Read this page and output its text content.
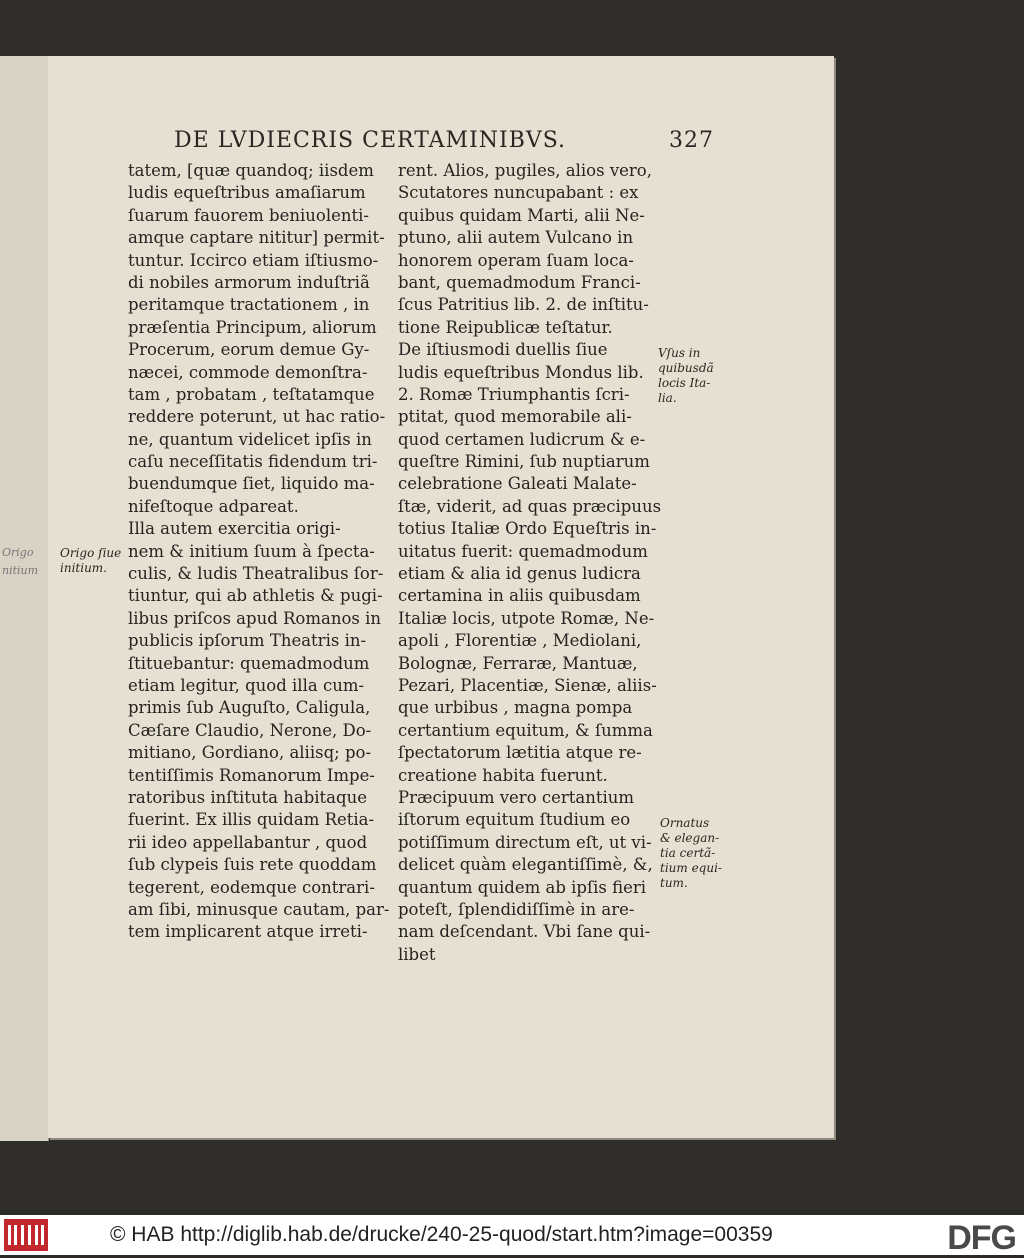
Origo
nitium
DE LVDIECRIS CERTAMINIBVS.	327
tatem, [quæ quandoq; iisdem
ludis equeſtribus amaſiarum
ſuarum fauorem beniuolenti-
amque captare nititur] permit-
tuntur. Iccirco etiam iſtiusmo-
di nobiles armorum induſtriã
peritamque tractationem , in
præſentia Principum, aliorum
Procerum, eorum demue Gy-
næcei, commode demonſtra-
tam , probatam , teſtatamque
reddere poterunt, ut hac ratio-
ne, quantum videlicet ipſis in
caſu neceſſitatis fidendum tri-
buendumque ſiet, liquido ma-
nifeſtoque adpareat.
Illa autem exercitia origi-
nem & initium ſuum à ſpecta-
culis, & ludis Theatralibus ſor-
tiuntur, qui ab athletis & pugi-
libus priſcos apud Romanos in
publicis ipſorum Theatris in-
ſtituebantur: quemadmodum
etiam legitur, quod illa cum-
primis ſub Auguſto, Caligula,
Cæſare Claudio, Nerone, Do-
mitiano, Gordiano, aliisq; po-
tentiſſimis Romanorum Impe-
ratoribus inſtituta habitaque
fuerint. Ex illis quidam Retia-
rii ideo appellabantur , quod
ſub clypeis ſuis rete quoddam
tegerent, eodemque contrari-
am ſibi, minusque cautam, par-
tem implicarent atque irreti-
rent. Alios, pugiles, alios vero,
Scutatores nuncupabant : ex
quibus quidam Marti, alii Ne-
ptuno, alii autem Vulcano in
honorem operam ſuam loca-
bant, quemadmodum Franci-
ſcus Patritius lib. 2. de inſtitu-
tione Reipublicæ teſtatur.
De iſtiusmodi duellis ſiue
ludis equeſtribus Mondus lib.
2. Romæ Triumphantis ſcri-
ptitat, quod memorabile ali-
quod certamen ludicrum & e-
queſtre Rimini, ſub nuptiarum
celebratione Galeati Malate-
ſtæ, viderit, ad quas præcipuus
totius Italiæ Ordo Equeſtris in-
uitatus fuerit: quemadmodum
etiam & alia id genus ludicra
certamina in aliis quibusdam
Italiæ locis, utpote Romæ, Ne-
apoli , Florentiæ , Mediolani,
Bolognæ, Ferraræ, Mantuæ,
Pezari, Placentiæ, Sienæ, aliis-
que urbibus , magna pompa
certantium equitum, & ſumma
ſpectatorum lætitia atque re-
creatione habita fuerunt.
Præcipuum vero certantium
iſtorum equitum ſtudium eo
potiſſimum directum eſt, ut vi-
delicet quàm elegantiſſimè, &,
quantum quidem ab ipſis fieri
poteſt, ſplendidiſſimè in are-
nam deſcendant. Vbi ſane qui-
libet
Origo ſiue
initium.
Vſus in
quibusdã
locis Ita-
lia.
Ornatus
& elegan-
tia certã-
tium equi-
tum.
© HAB http://diglib.hab.de/drucke/240-25-quod/start.htm?image=00359	DFG
